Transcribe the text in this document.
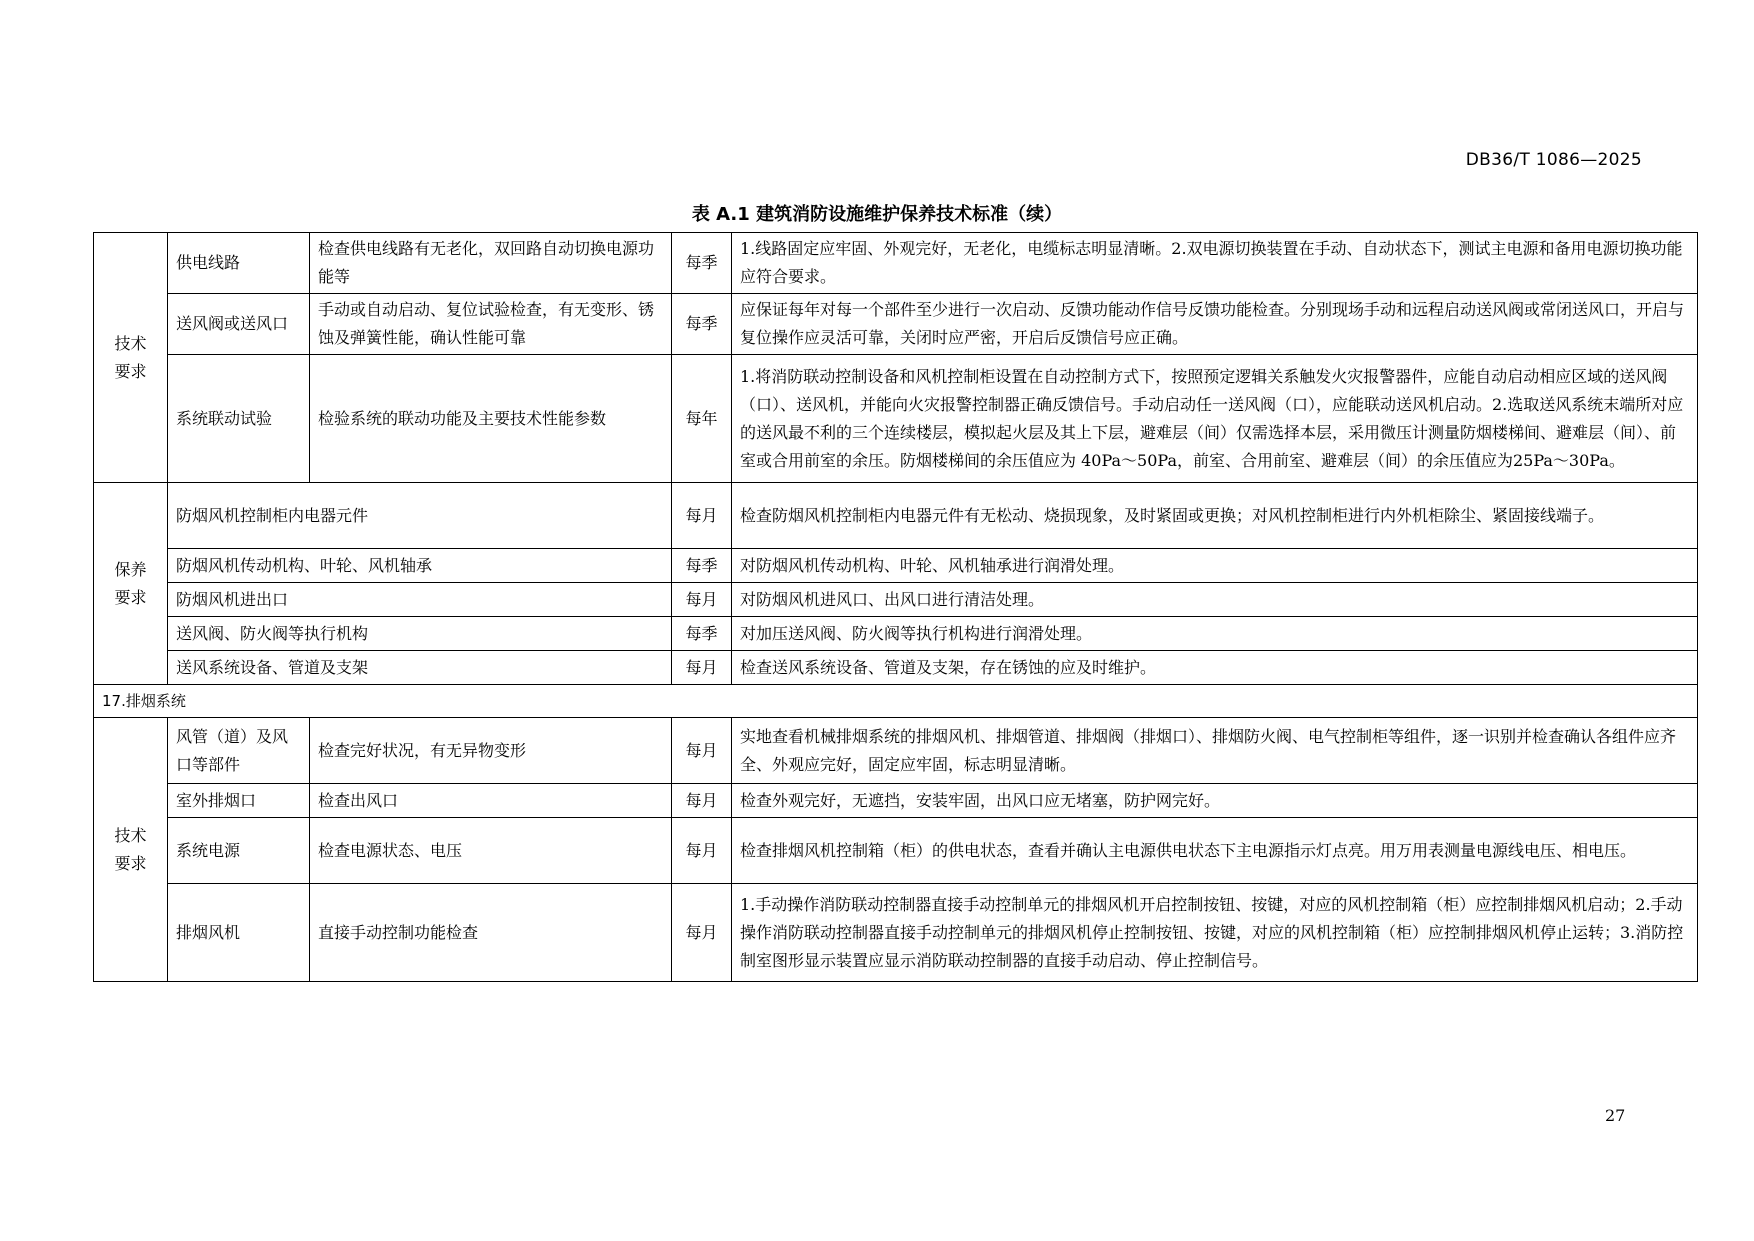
DB36/T 1086—2025
表 A.1 建筑消防设施维护保养技术标准（续）
技术
要求	供电线路	检查供电线路有无老化，双回路自动切换电源功能等	每季	1.线路固定应牢固、外观完好，无老化，电缆标志明显清晰。2.双电源切换装置在手动、自动状态下，测试主电源和备用电源切换功能应符合要求。
	送风阀或送风口	手动或自动启动、复位试验检查，有无变形、锈蚀及弹簧性能，确认性能可靠	每季	应保证每年对每一个部件至少进行一次启动、反馈功能动作信号反馈功能检查。分别现场手动和远程启动送风阀或常闭送风口，开启与复位操作应灵活可靠，关闭时应严密，开启后反馈信号应正确。
	系统联动试验	检验系统的联动功能及主要技术性能参数	每年	1.将消防联动控制设备和风机控制柜设置在自动控制方式下，按照预定逻辑关系触发火灾报警器件，应能自动启动相应区域的送风阀（口）、送风机，并能向火灾报警控制器正确反馈信号。手动启动任一送风阀（口），应能联动送风机启动。2.选取送风系统末端所对应的送风最不利的三个连续楼层，模拟起火层及其上下层，避难层（间）仅需选择本层，采用微压计测量防烟楼梯间、避难层（间）、前室或合用前室的余压。防烟楼梯间的余压值应为 40Pa～50Pa，前室、合用前室、避难层（间）的余压值应为25Pa～30Pa。

保养
要求	防烟风机控制柜内电器元件		每月	检查防烟风机控制柜内电器元件有无松动、烧损现象，及时紧固或更换；对风机控制柜进行内外机柜除尘、紧固接线端子。
	防烟风机传动机构、叶轮、风机轴承		每季	对防烟风机传动机构、叶轮、风机轴承进行润滑处理。
	防烟风机进出口		每月	对防烟风机进风口、出风口进行清洁处理。
	送风阀、防火阀等执行机构		每季	对加压送风阀、防火阀等执行机构进行润滑处理。
	送风系统设备、管道及支架		每月	检查送风系统设备、管道及支架，存在锈蚀的应及时维护。
17.排烟系统				

技术
要求	风管（道）及风口等部件	检查完好状况，有无异物变形	每月	实地查看机械排烟系统的排烟风机、排烟管道、排烟阀（排烟口）、排烟防火阀、电气控制柜等组件，逐一识别并检查确认各组件应齐全、外观应完好，固定应牢固，标志明显清晰。
	室外排烟口	检查出风口	每月	检查外观完好，无遮挡，安装牢固，出风口应无堵塞，防护网完好。
	系统电源	检查电源状态、电压	每月	检查排烟风机控制箱（柜）的供电状态，查看并确认主电源供电状态下主电源指示灯点亮。用万用表测量电源线电压、相电压。
	排烟风机	直接手动控制功能检查	每月	1.手动操作消防联动控制器直接手动控制单元的排烟风机开启控制按钮、按键，对应的风机控制箱（柜）应控制排烟风机启动；2.手动操作消防联动控制器直接手动控制单元的排烟风机停止控制按钮、按键，对应的风机控制箱（柜）应控制排烟风机停止运转；3.消防控制室图形显示装置应显示消防联动控制器的直接手动启动、停止控制信号。
27
